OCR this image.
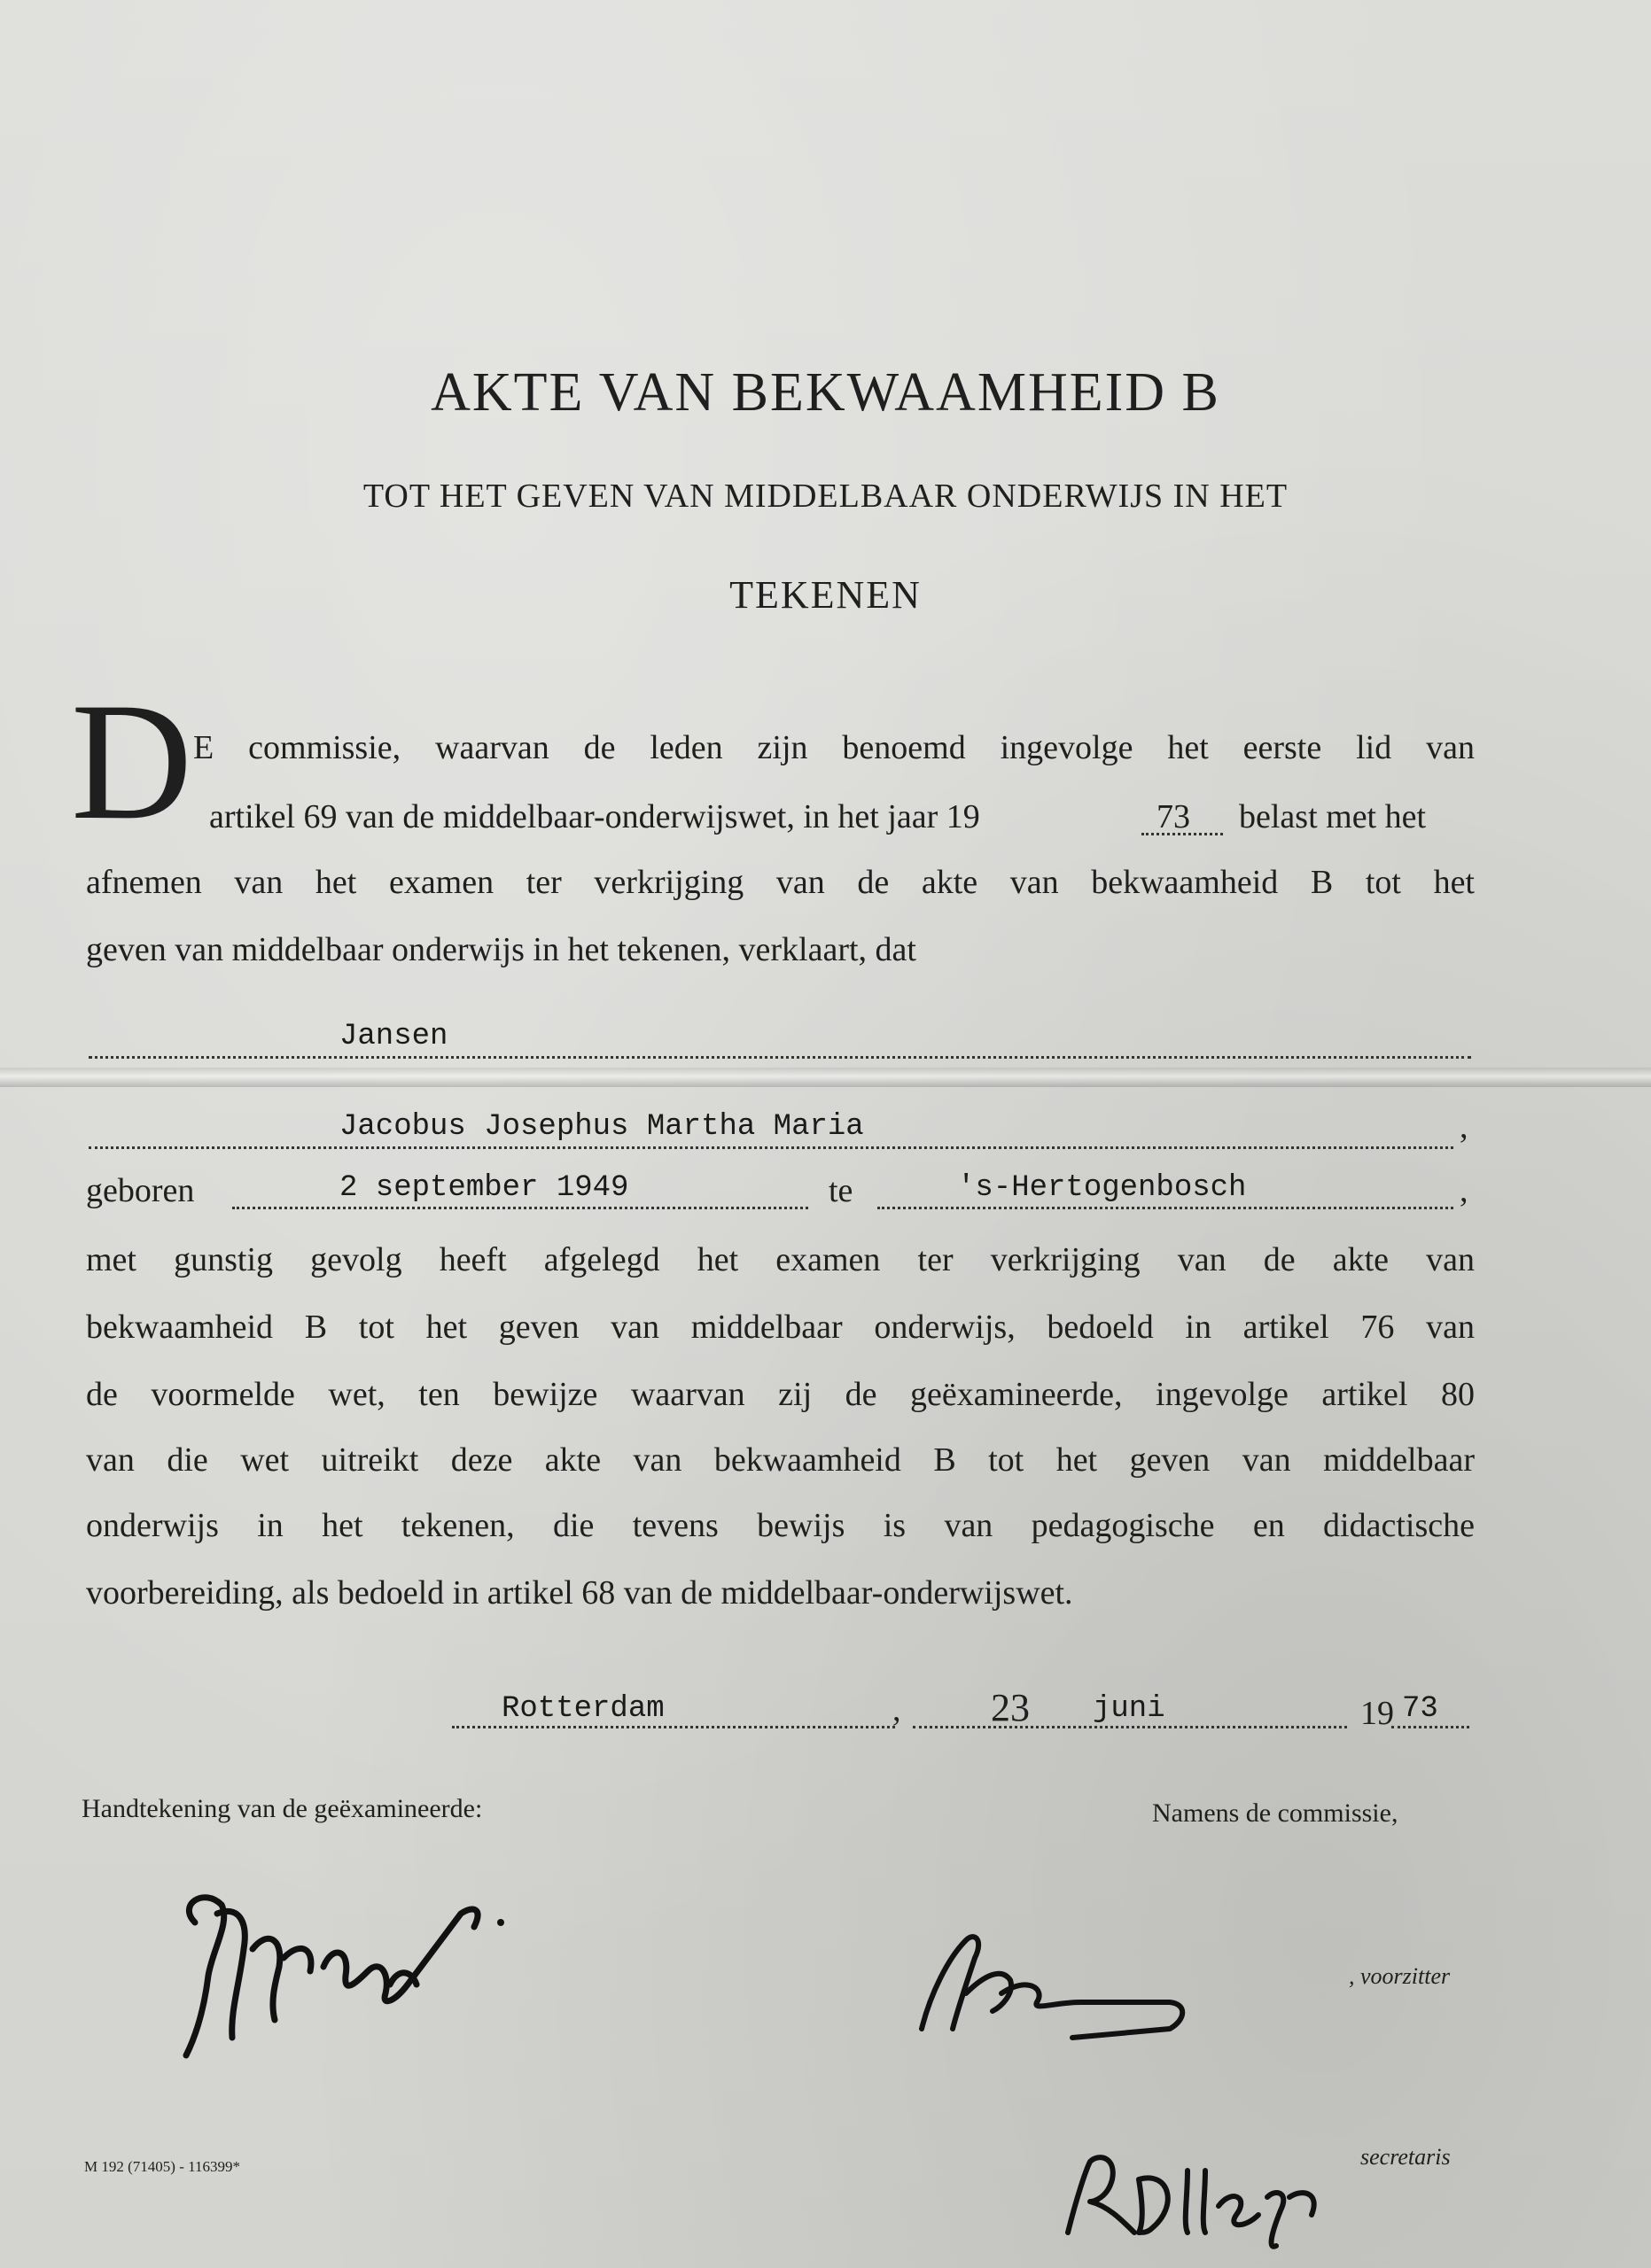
AKTE VAN BEKWAAMHEID B
TOT HET GEVEN VAN MIDDELBAAR ONDERWIJS IN HET
TEKENEN
D E commissie, waarvan de leden zijn benoemd ingevolge het eerste lid van
artikel 69 van de middelbaar-onderwijswet, in het jaar 19	73 belast met het
afnemen van het examen ter verkrijging van de akte van bekwaamheid B tot het
geven van middelbaar onderwijs in het tekenen, verklaart, dat
Jansen
Jacobus Josephus Martha Maria	,
geboren	2 september 1949	te	's-Hertogenbosch	,
met gunstig gevolg heeft afgelegd het examen ter verkrijging van de akte van
bekwaamheid B tot het geven van middelbaar onderwijs, bedoeld in artikel 76 van
de voormelde wet, ten bewijze waarvan zij de geëxamineerde, ingevolge artikel 80
van die wet uitreikt deze akte van bekwaamheid B tot het geven van middelbaar
onderwijs in het tekenen, die tevens bewijs is van pedagogische en didactische
voorbereiding, als bedoeld in artikel 68 van de middelbaar-onderwijswet.
Rotterdam	, 23 juni	19 73
Handtekening van de geëxamineerde:	Namens de commissie,
, voorzitter
secretaris
M 192 (71405) - 116399*
